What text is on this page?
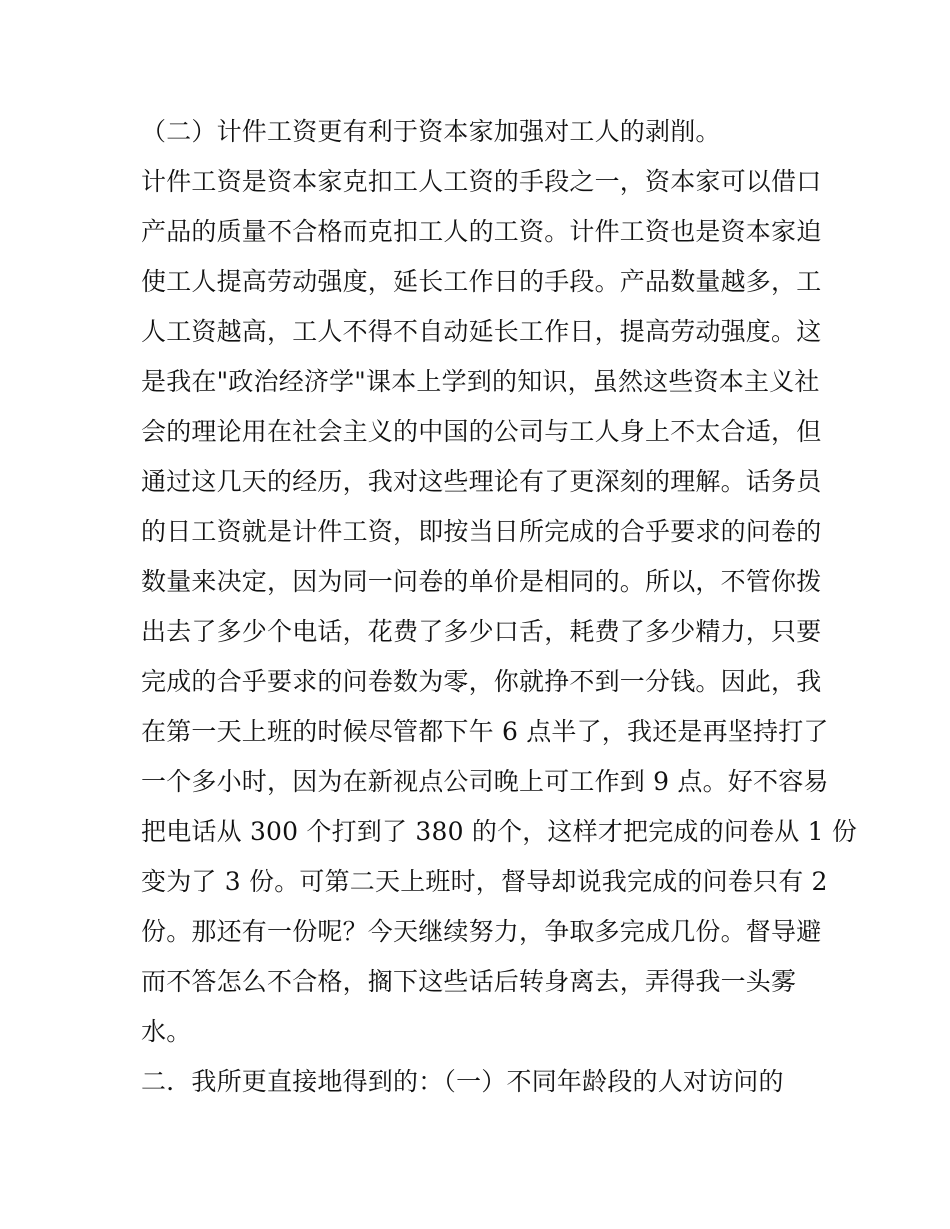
（二）计件工资更有利于资本家加强对工人的剥削。
计件工资是资本家克扣工人工资的手段之一，资本家可以借口
产品的质量不合格而克扣工人的工资。计件工资也是资本家迫
使工人提高劳动强度，延长工作日的手段。产品数量越多，工
人工资越高，工人不得不自动延长工作日，提高劳动强度。这
是我在"政治经济学"课本上学到的知识，虽然这些资本主义社
会的理论用在社会主义的中国的公司与工人身上不太合适，但
通过这几天的经历，我对这些理论有了更深刻的理解。话务员
的日工资就是计件工资，即按当日所完成的合乎要求的问卷的
数量来决定，因为同一问卷的单价是相同的。所以，不管你拨
出去了多少个电话，花费了多少口舌，耗费了多少精力，只要
完成的合乎要求的问卷数为零，你就挣不到一分钱。因此，我
在第一天上班的时候尽管都下午 6 点半了，我还是再坚持打了
一个多小时，因为在新视点公司晚上可工作到 9 点。好不容易
把电话从 300 个打到了 380 的个，这样才把完成的问卷从 1 份
变为了 3 份。可第二天上班时，督导却说我完成的问卷只有 2
份。那还有一份呢？今天继续努力，争取多完成几份。督导避
而不答怎么不合格，搁下这些话后转身离去，弄得我一头雾
水。
二．我所更直接地得到的：（一）不同年龄段的人对访问的
